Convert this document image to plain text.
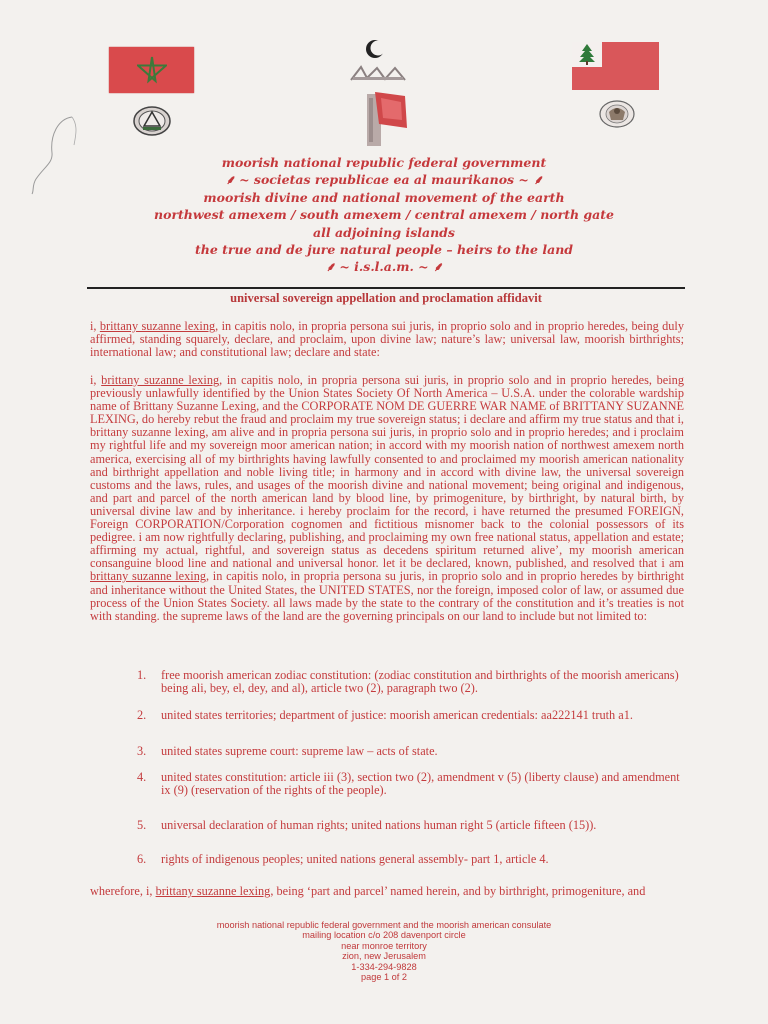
moorish national republic federal government
⸙ ~ societas republicae ea al maurikanos ~ ⸙
moorish divine and national movement of the earth
northwest amexem / south amexem / central amexem / north gate
all adjoining islands
the true and de jure natural people – heirs to the land
⸙ ~ i.s.l.a.m. ~ ⸙
universal sovereign appellation and proclamation affidavit
i, brittany suzanne lexing, in capitis nolo, in propria persona sui juris, in proprio solo and in proprio heredes, being duly affirmed, standing squarely, declare, and proclaim, upon divine law; nature’s law; universal law, moorish birthrights; international law; and constitutional law; declare and state:
i, brittany suzanne lexing, in capitis nolo, in propria persona sui juris, in proprio solo and in proprio heredes, being previously unlawfully identified by the Union States Society Of North America – U.S.A. under the colorable wardship name of Brittany Suzanne Lexing, and the CORPORATE NOM DE GUERRE WAR NAME of BRITTANY SUZANNE LEXING, do hereby rebut the fraud and proclaim my true sovereign status; i declare and affirm my true status and that i, brittany suzanne lexing, am alive and in propria persona sui juris, in proprio solo and in proprio heredes; and i proclaim my rightful life and my sovereign moor american nation; in accord with my moorish nation of northwest amexem north america, exercising all of my birthrights having lawfully consented to and proclaimed my moorish american nationality and birthright appellation and noble living title; in harmony and in accord with divine law, the universal sovereign customs and the laws, rules, and usages of the moorish divine and national movement; being original and indigenous, and part and parcel of the north american land by blood line, by primogeniture, by birthright, by natural birth, by universal divine law and by inheritance. i hereby proclaim for the record, i have returned the presumed FOREIGN, Foreign CORPORATION/Corporation cognomen and fictitious misnomer back to the colonial possessors of its pedigree. i am now rightfully declaring, publishing, and proclaiming my own free national status, appellation and estate; affirming my actual, rightful, and sovereign status as decedens spiritum returned alive’, my moorish american consanguine blood line and national and universal honor. let it be declared, known, published, and resolved that i am brittany suzanne lexing, in capitis nolo, in propria persona su juris, in proprio solo and in proprio heredes by birthright and inheritance without the United States, the UNITED STATES, nor the foreign, imposed color of law, or assumed due process of the Union States Society. all laws made by the state to the contrary of the constitution and it’s treaties is not with standing. the supreme laws of the land are the governing principals on our land to include but not limited to:
1.	free moorish american zodiac constitution: (zodiac constitution and birthrights of the moorish americans) being ali, bey, el, dey, and al), article two (2), paragraph two (2).
2.	united states territories; department of justice: moorish american credentials: aa222141 truth a1.
3.	united states supreme court: supreme law – acts of state.
4.	united states constitution: article iii (3), section two (2), amendment v (5) (liberty clause) and amendment ix (9) (reservation of the rights of the people).
5.	universal declaration of human rights; united nations human right 5 (article fifteen (15)).
6.	rights of indigenous peoples; united nations general assembly- part 1, article 4.
wherefore, i, brittany suzanne lexing, being ‘part and parcel’ named herein, and by birthright, primogeniture, and
moorish national republic federal government and the moorish american consulate
mailing location c/o 208 davenport circle
near monroe territory
zion, new Jerusalem
1-334-294-9828
page 1 of 2
